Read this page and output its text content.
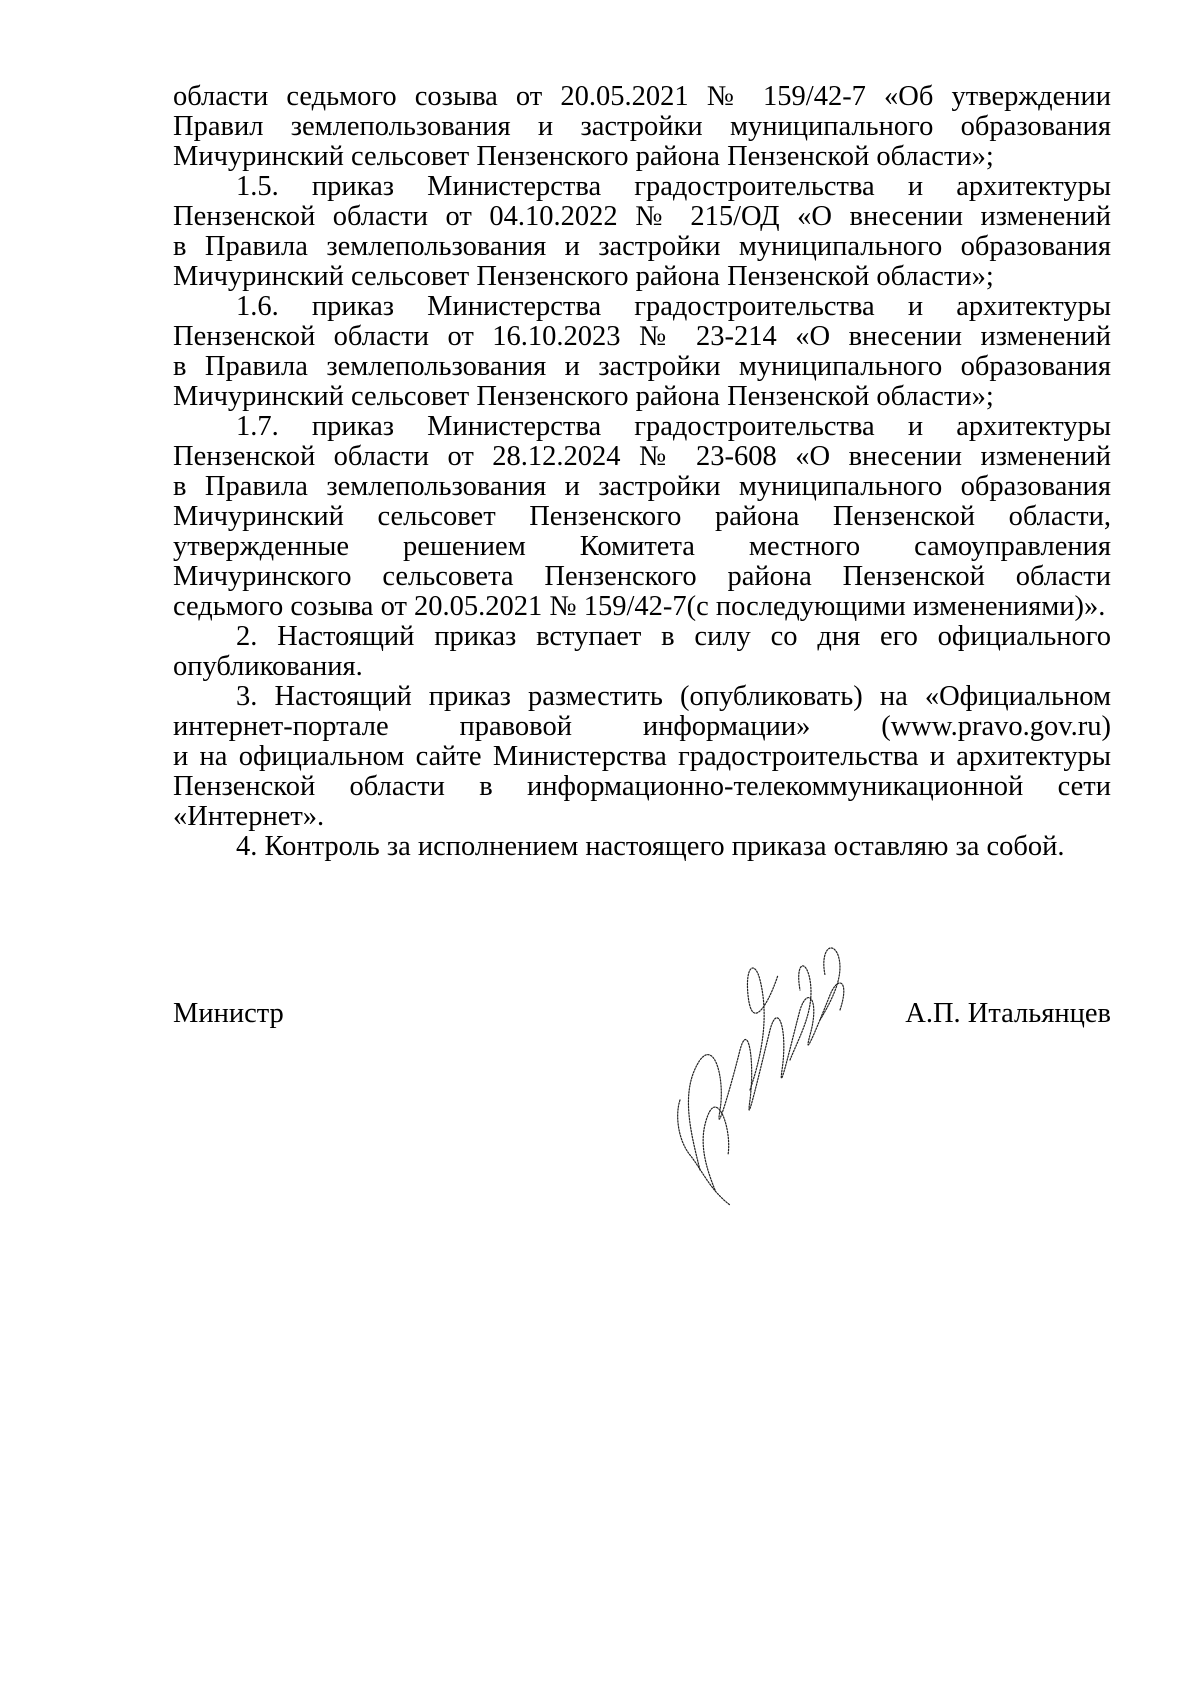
области седьмого созыва от 20.05.2021 № 159/42-7 «Об утверждении
Правил землепользования и застройки муниципального образования
Мичуринский сельсовет Пензенского района Пензенской области»;
1.5. приказ Министерства градостроительства и архитектуры
Пензенской области от 04.10.2022 № 215/ОД «О внесении изменений
в Правила землепользования и застройки муниципального образования
Мичуринский сельсовет Пензенского района Пензенской области»;
1.6. приказ Министерства градостроительства и архитектуры
Пензенской области от 16.10.2023 № 23-214 «О внесении изменений
в Правила землепользования и застройки муниципального образования
Мичуринский сельсовет Пензенского района Пензенской области»;
1.7. приказ Министерства градостроительства и архитектуры
Пензенской области от 28.12.2024 № 23-608 «О внесении изменений
в Правила землепользования и застройки муниципального образования
Мичуринский сельсовет Пензенского района Пензенской области,
утвержденные решением Комитета местного самоуправления
Мичуринского сельсовета Пензенского района Пензенской области
седьмого созыва от 20.05.2021 № 159/42-7(с последующими изменениями)».
2. Настоящий приказ вступает в силу со дня его официального
опубликования.
3. Настоящий приказ разместить (опубликовать) на «Официальном
интернет-портале правовой информации» (www.pravo.gov.ru)
и на официальном сайте Министерства градостроительства и архитектуры
Пензенской области в информационно-телекоммуникационной сети
«Интернет».
4. Контроль за исполнением настоящего приказа оставляю за собой.
Министр	А.П. Итальянцев
